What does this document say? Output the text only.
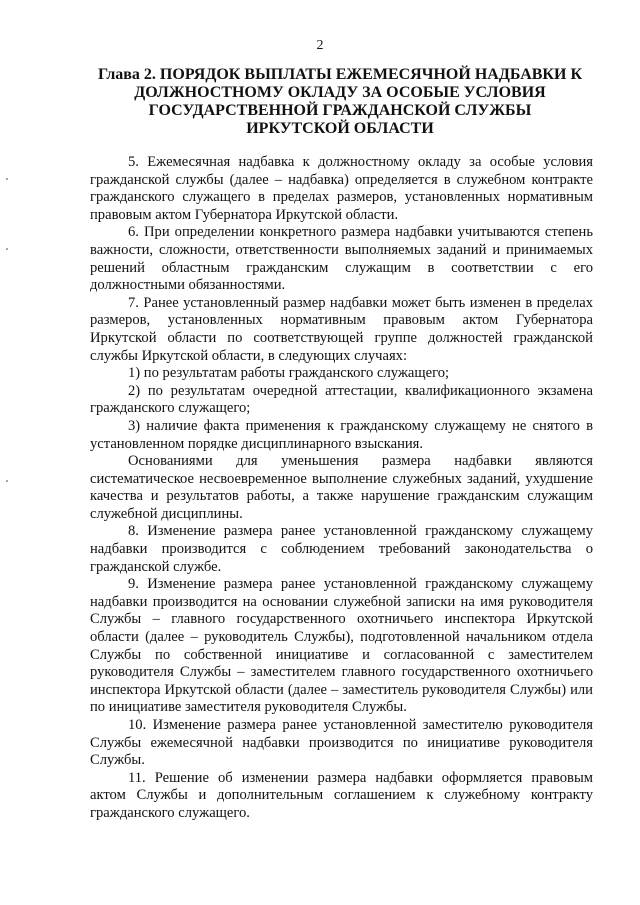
2
Глава 2. ПОРЯДОК ВЫПЛАТЫ ЕЖЕМЕСЯЧНОЙ НАДБАВКИ К
ДОЛЖНОСТНОМУ ОКЛАДУ ЗА ОСОБЫЕ УСЛОВИЯ
ГОСУДАРСТВЕННОЙ ГРАЖДАНСКОЙ СЛУЖБЫ
ИРКУТСКОЙ ОБЛАСТИ

5. Ежемесячная надбавка к должностному окладу за особые условия гражданской службы (далее – надбавка) определяется в служебном контракте гражданского служащего в пределах размеров, установленных нормативным правовым актом Губернатора Иркутской области.

6. При определении конкретного размера надбавки учитываются степень важности, сложности, ответственности выполняемых заданий и принимаемых решений областным гражданским служащим в соответствии с его должностными обязанностями.

7. Ранее установленный размер надбавки может быть изменен в пределах размеров, установленных нормативным правовым актом Губернатора Иркутской области по соответствующей группе должностей гражданской службы Иркутской области, в следующих случаях:

1) по результатам работы гражданского служащего;

2) по результатам очередной аттестации, квалификационного экзамена гражданского служащего;

3) наличие факта применения к гражданскому служащему не снятого в установленном порядке дисциплинарного взыскания.

Основаниями для уменьшения размера надбавки являются систематическое несвоевременное выполнение служебных заданий, ухудшение качества и результатов работы, а также нарушение гражданским служащим служебной дисциплины.

8. Изменение размера ранее установленной гражданскому служащему надбавки производится с соблюдением требований законодательства о гражданской службе.

9. Изменение размера ранее установленной гражданскому служащему надбавки производится на основании служебной записки на имя руководителя Службы – главного государственного охотничьего инспектора Иркутской области (далее – руководитель Службы), подготовленной начальником отдела Службы по собственной инициативе и согласованной с заместителем руководителя Службы – заместителем главного государственного охотничьего инспектора Иркутской области (далее – заместитель руководителя Службы) или по инициативе заместителя руководителя Службы.

10. Изменение размера ранее установленной заместителю руководителя Службы ежемесячной надбавки производится по инициативе руководителя Службы.

11. Решение об изменении размера надбавки оформляется правовым актом Службы и дополнительным соглашением к служебному контракту гражданского служащего.
